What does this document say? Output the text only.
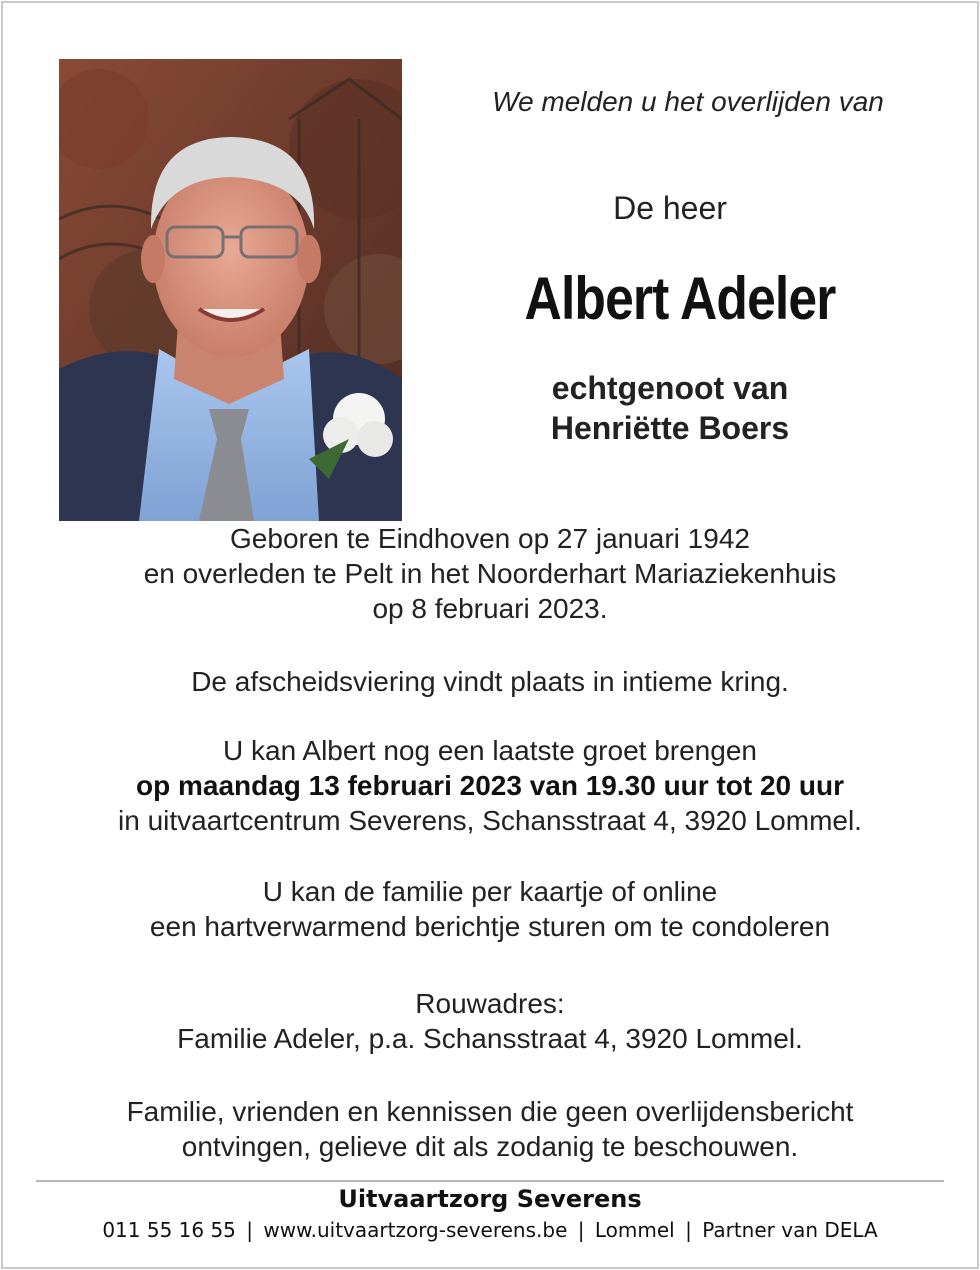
We melden u het overlijden van
De heer
Albert Adeler
echtgenoot van
Henriëtte Boers
Geboren te Eindhoven op 27 januari 1942
en overleden te Pelt in het Noorderhart Mariaziekenhuis
op 8 februari 2023.
De afscheidsviering vindt plaats in intieme kring.
U kan Albert nog een laatste groet brengen
op maandag 13 februari 2023 van 19.30 uur tot 20 uur
in uitvaartcentrum Severens, Schansstraat 4, 3920 Lommel.
U kan de familie per kaartje of online
een hartverwarmend berichtje sturen om te condoleren
Rouwadres:
Familie Adeler, p.a. Schansstraat 4, 3920 Lommel.
Familie, vrienden en kennissen die geen overlijdensbericht
ontvingen, gelieve dit als zodanig te beschouwen.
Uitvaartzorg Severens
011 55 16 55 | www.uitvaartzorg-severens.be | Lommel | Partner van DELA
